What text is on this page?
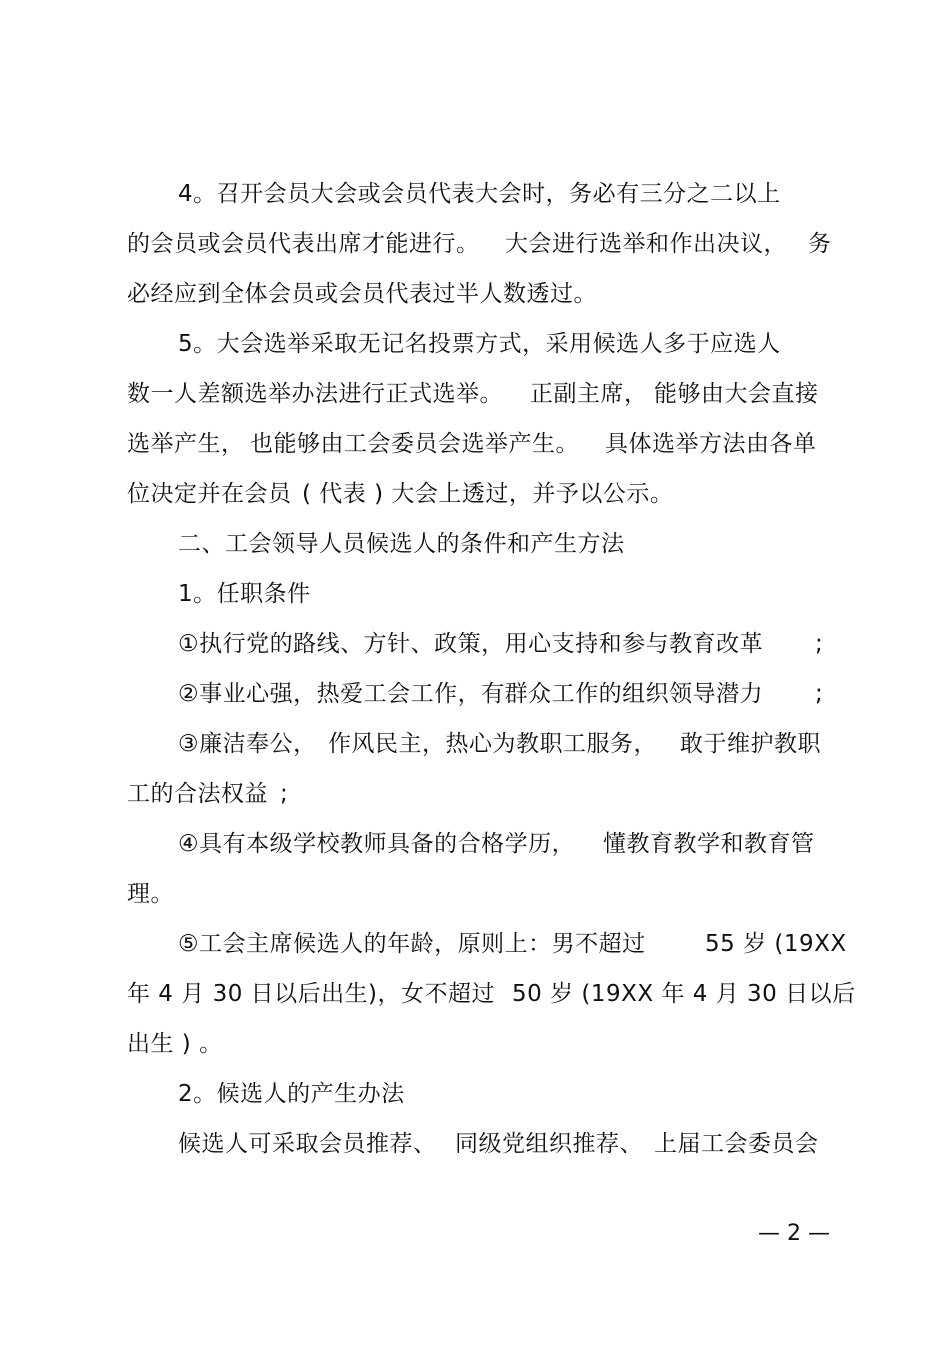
4。召开会员大会或会员代表大会时，务必有三分之二以上
的会员或会员代表出席才能进行。 大会进行选举和作出决议， 务
必经应到全体会员或会员代表过半人数透过。
5。大会选举采取无记名投票方式，采用候选人多于应选人
数一人差额选举办法进行正式选举。 正副主席， 能够由大会直接
选举产生， 也能够由工会委员会选举产生。 具体选举方法由各单
位决定并在会员 ( 代表 ) 大会上透过，并予以公示。
二、工会领导人员候选人的条件和产生方法
1。任职条件
①执行党的路线、方针、政策，用心支持和参与教育改革 ;
②事业心强，热爱工会工作，有群众工作的组织领导潜力 ;
③廉洁奉公， 作风民主，热心为教职工服务， 敢于维护教职
工的合法权益 ;
④具有本级学校教师具备的合格学历， 懂教育教学和教育管
理。
⑤工会主席候选人的年龄，原则上：男不超过	55 岁 (19XX
年 4 月 30 日以后出生 )，女不超过 50 岁 (19XX 年 4 月 30 日以后
出生 ) 。
2。候选人的产生办法
候选人可采取会员推荐、 同级党组织推荐、 上届工会委员会
— 2 —
